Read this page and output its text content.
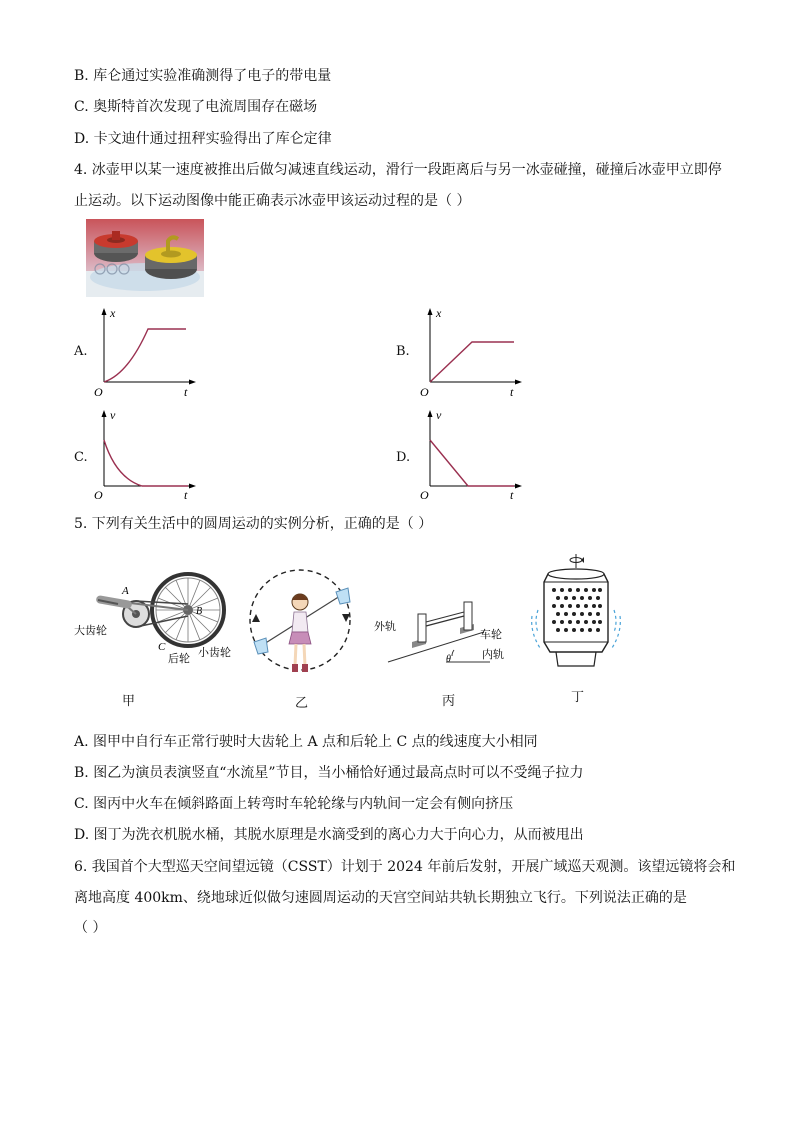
B. 库仑通过实验准确测得了电子的带电量
C. 奥斯特首次发现了电流周围存在磁场
D. 卡文迪什通过扭秤实验得出了库仑定律
4. 冰壶甲以某一速度被推出后做匀减速直线运动，滑行一段距离后与另一冰壶碰撞，碰撞后冰壶甲立即停
止运动。以下运动图像中能正确表示冰壶甲该运动过程的是（ ）
A.
x
O	t
B.
x
O	t
C.
v
O	t
D.
v
O	t
5. 下列有关生活中的圆周运动的实例分析，正确的是（ ）
A
B
C
大齿轮
后轮 小齿轮
甲	乙
θ
外轨
车轮
内轨
丙	丁
A. 图甲中自行车正常行驶时大齿轮上 A 点和后轮上 C 点的线速度大小相同
B. 图乙为演员表演竖直“水流星”节目，当小桶恰好通过最高点时可以不受绳子拉力
C. 图丙中火车在倾斜路面上转弯时车轮轮缘与内轨间一定会有侧向挤压
D. 图丁为洗衣机脱水桶，其脱水原理是水滴受到的离心力大于向心力，从而被甩出
6. 我国首个大型巡天空间望远镜（CSST）计划于 2024 年前后发射，开展广域巡天观测。该望远镜将会和
离地高度 400km、绕地球近似做匀速圆周运动的天宫空间站共轨长期独立飞行。下列说法正确的是
（ ）
